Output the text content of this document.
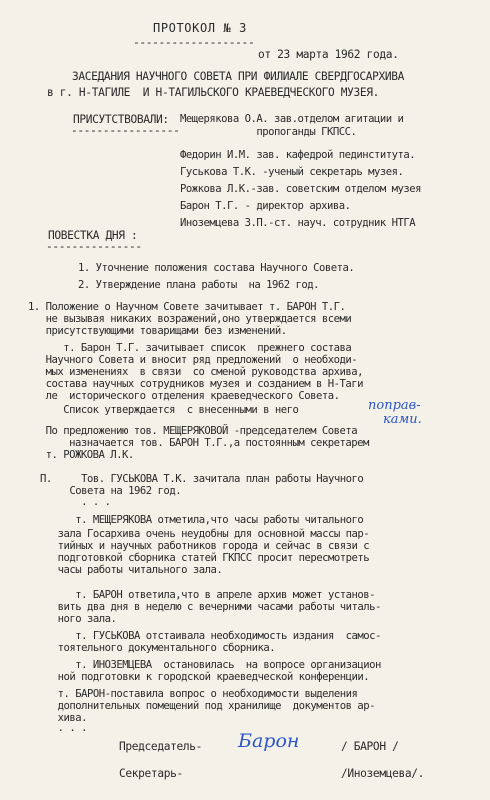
ПРОТОКОЛ № 3
-------------------
от 23 марта 1962 года.
ЗАСЕДАНИЯ НАУЧНОГО СОВЕТА ПРИ ФИЛИАЛЕ СВЕРДГОСАРХИВА
в г. Н-ТАГИЛЕ  И Н-ТАГИЛЬСКОГО КРАЕВЕДЧЕСКОГО МУЗЕЯ.
ПРИСУТСТВОВАЛИ:
-----------------
Мещерякова О.А. зав.отделом агитации и
пропоганды ГКПСС.
Федорин И.М. зав. кафедрой пединститута.
Гуськова Т.К. -ученый секретарь музея.
Рожкова Л.К.-зав. советским отделом музея
Барон Т.Г. - директор архива.
Иноземцева З.П.-ст. науч. сотрудник НТГА
ПОВЕСТКА ДНЯ :
---------------
1. Уточнение положения состава Научного Совета.
2. Утверждение плана работы  на 1962 год.
1. Положение о Научном Совете зачитывает т. БАРОН Т.Г.
не вызывая никаких возражений,оно утверждается всеми
присутствующими товарищами без изменений.
т. Барон Т.Г. зачитывает список  прежнего состава
Научного Совета и вносит ряд предложений  о необходи-
мых изменениях  в связи  со сменой руководства архива,
состава научных сотрудников музея и созданием в Н-Таги
ле  исторического отделения краеведческого Совета.
Список утверждается  с внесенными в него	поправ-
ками.
По предложению тов. МЕЩЕРЯКОВОЙ -председателем Совета
назначается тов. БАРОН Т.Г.,а постоянным секретарем
т. РОЖКОВА Л.К.
П.     Тов. ГУСЬКОВА Т.К. зачитала план работы Научного
Совета на 1962 год.
. . .
т. МЕЩЕРЯКОВА отметила,что часы работы читального
зала Госархива очень неудобны для основной массы пар-
тийных и научных работников города и сейчас в связи с
подготовкой сборника статей ГКПСС просит пересмотреть
часы работы читального зала.
т. БАРОН ответила,что в апреле архив может установ-
вить два дня в неделю с вечерними часами работы читаль-
ного зала.
т. ГУСЬКОВА отстаивала необходимость издания  самос-
тоятельного документального сборника.
т. ИНОЗЕМЦЕВА  остановилась  на вопросе организацион
ной подготовки к городской краеведческой конференции.
т. БАРОН-поставила вопрос о необходимости выделения
дополнительных помещений под хранилище  документов ар-
хива.
. . .
Председатель- Барон	/ БАРОН /
Секретарь-	/Иноземцева/.
